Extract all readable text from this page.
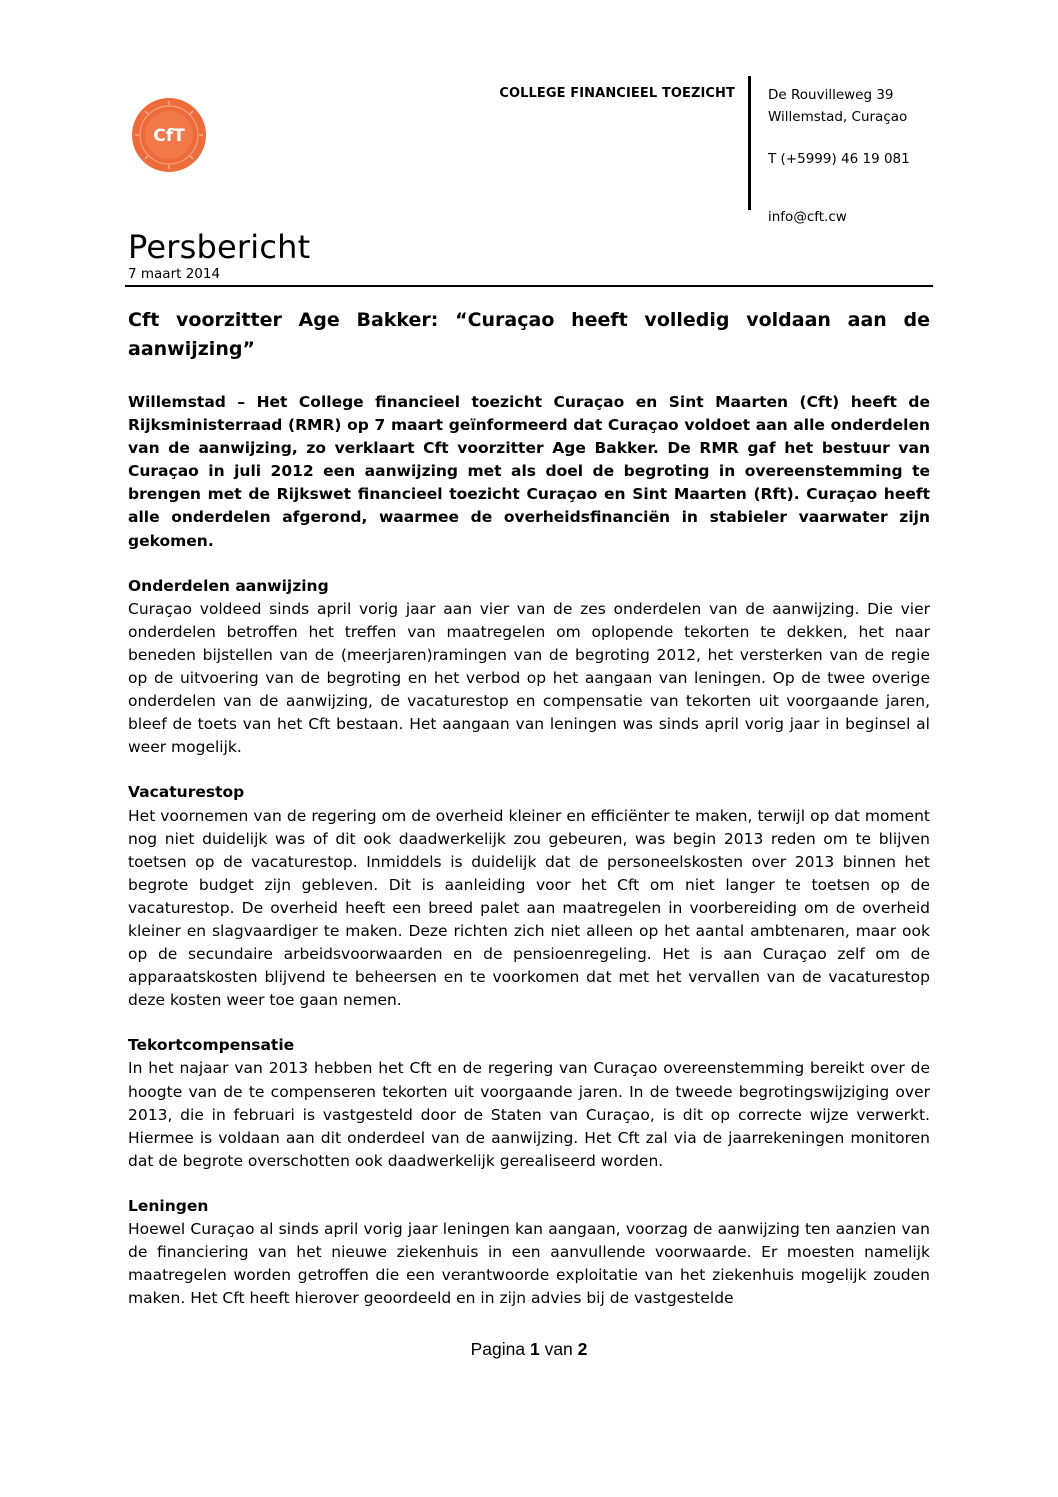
CfT
COLLEGE FINANCIEEL TOEZICHT De Rouvilleweg 39
Willemstad, Curaçao
T (+5999) 46 19 081
info@cft.cw
Persbericht
7 maart 2014
Cft voorzitter Age Bakker: “Curaçao heeft volledig voldaan aan de aanwijzing”

Willemstad – Het College financieel toezicht Curaçao en Sint Maarten (Cft) heeft de Rijksministerraad (RMR) op 7 maart geïnformeerd dat Curaçao voldoet aan alle onderdelen van de aanwijzing, zo verklaart Cft voorzitter Age Bakker. De RMR gaf het bestuur van Curaçao in juli 2012 een aanwijzing met als doel de begroting in overeenstemming te brengen met de Rijkswet financieel toezicht Curaçao en Sint Maarten (Rft). Curaçao heeft alle onderdelen afgerond, waarmee de overheidsfinanciën in stabieler vaarwater zijn gekomen.

Onderdelen aanwijzing

Curaçao voldeed sinds april vorig jaar aan vier van de zes onderdelen van de aanwijzing. Die vier onderdelen betroffen het treffen van maatregelen om oplopende tekorten te dekken, het naar beneden bijstellen van de (meerjaren)ramingen van de begroting 2012, het versterken van de regie op de uitvoering van de begroting en het verbod op het aangaan van leningen. Op de twee overige onderdelen van de aanwijzing, de vacaturestop en compensatie van tekorten uit voorgaande jaren, bleef de toets van het Cft bestaan. Het aangaan van leningen was sinds april vorig jaar in beginsel al weer mogelijk.

Vacaturestop

Het voornemen van de regering om de overheid kleiner en efficiënter te maken, terwijl op dat moment nog niet duidelijk was of dit ook daadwerkelijk zou gebeuren, was begin 2013 reden om te blijven toetsen op de vacaturestop. Inmiddels is duidelijk dat de personeelskosten over 2013 binnen het begrote budget zijn gebleven. Dit is aanleiding voor het Cft om niet langer te toetsen op de vacaturestop. De overheid heeft een breed palet aan maatregelen in voorbereiding om de overheid kleiner en slagvaardiger te maken. Deze richten zich niet alleen op het aantal ambtenaren, maar ook op de secundaire arbeidsvoorwaarden en de pensioenregeling. Het is aan Curaçao zelf om de apparaatskosten blijvend te beheersen en te voorkomen dat met het vervallen van de vacaturestop deze kosten weer toe gaan nemen.

Tekortcompensatie

In het najaar van 2013 hebben het Cft en de regering van Curaçao overeenstemming bereikt over de hoogte van de te compenseren tekorten uit voorgaande jaren. In de tweede begrotingswijziging over 2013, die in februari is vastgesteld door de Staten van Curaçao, is dit op correcte wijze verwerkt. Hiermee is voldaan aan dit onderdeel van de aanwijzing. Het Cft zal via de jaarrekeningen monitoren dat de begrote overschotten ook daadwerkelijk gerealiseerd worden.

Leningen

Hoewel Curaçao al sinds april vorig jaar leningen kan aangaan, voorzag de aanwijzing ten aanzien van de financiering van het nieuwe ziekenhuis in een aanvullende voorwaarde. Er moesten namelijk maatregelen worden getroffen die een verantwoorde exploitatie van het ziekenhuis mogelijk zouden maken. Het Cft heeft hierover geoordeeld en in zijn advies bij de vastgestelde

Pagina 1 van 2
